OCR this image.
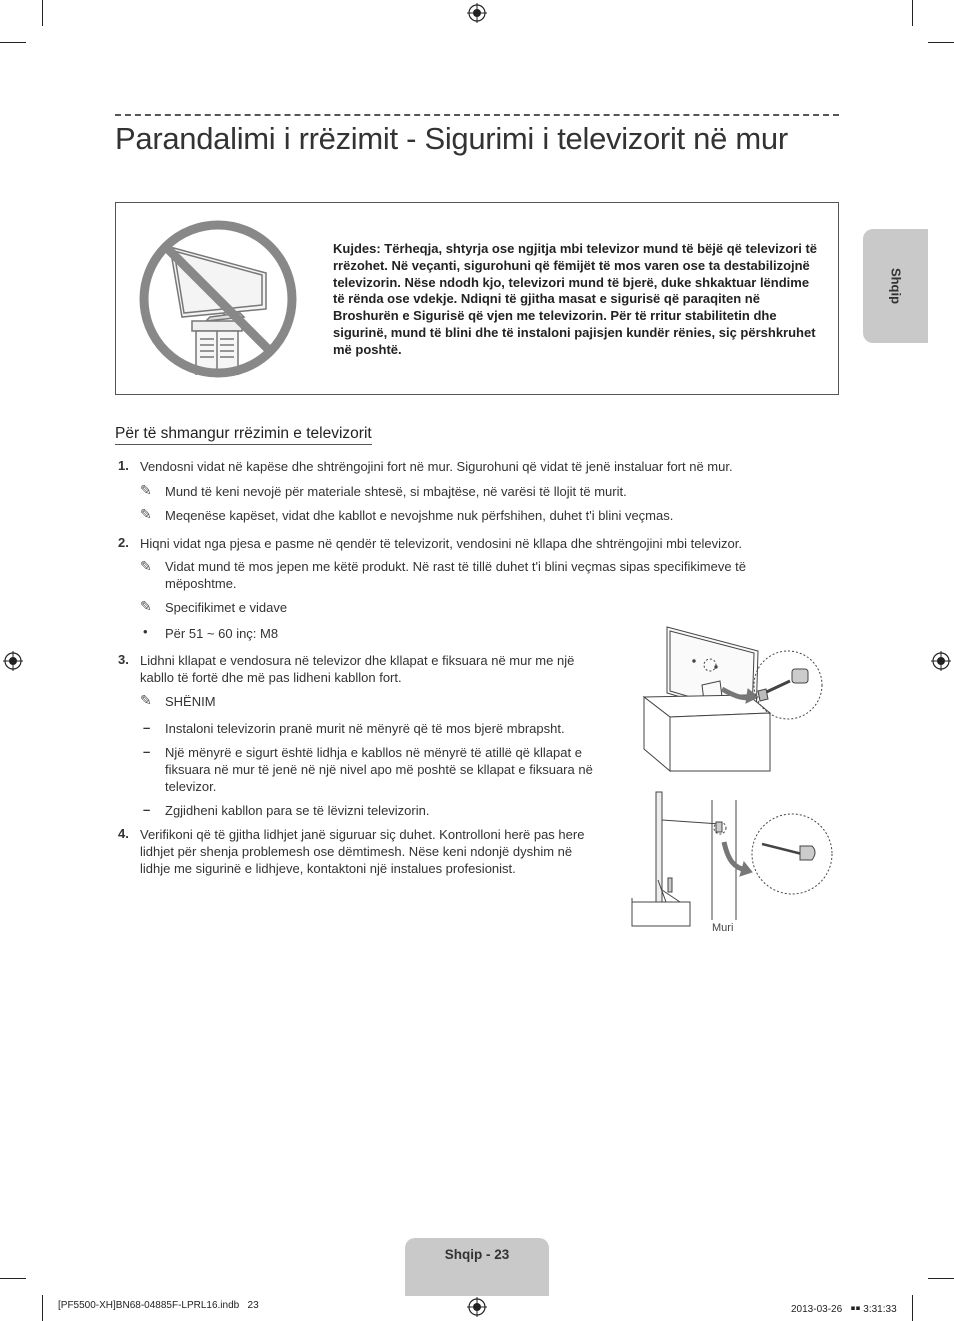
Parandalimi i rrëzimit - Sigurimi i televizorit në mur
Shqip
Kujdes: Tërheqja, shtyrja ose ngjitja mbi televizor mund të bëjë që televizori të rrëzohet. Në veçanti, sigurohuni që fëmijët të mos varen ose ta destabilizojnë televizorin. Nëse ndodh kjo, televizori mund të bjerë, duke shkaktuar lëndime të rënda ose vdekje. Ndiqni të gjitha masat e sigurisë që paraqiten në Broshurën e Sigurisë që vjen me televizorin. Për të rritur stabilitetin dhe sigurinë, mund të blini dhe të instaloni pajisjen kundër rënies, siç përshkruhet më poshtë.
Për të shmangur rrëzimin e televizorit
1. Vendosni vidat në kapëse dhe shtrëngojini fort në mur. Sigurohuni që vidat të jenë instaluar fort në mur.
✎ Mund të keni nevojë për materiale shtesë, si mbajtëse, në varësi të llojit të murit.
✎ Meqenëse kapëset, vidat dhe kabllot e nevojshme nuk përfshihen, duhet t'i blini veçmas.
2. Hiqni vidat nga pjesa e pasme në qendër të televizorit, vendosini në kllapa dhe shtrëngojini mbi televizor.
✎ Vidat mund të mos jepen me këtë produkt. Në rast të tillë duhet t'i blini veçmas sipas specifikimeve të mëposhtme.
✎ Specifikimet e vidave
• Për 51 ~ 60 inç: M8
3. Lidhni kllapat e vendosura në televizor dhe kllapat e fiksuara në mur me një kabllo të fortë dhe më pas lidheni kabllon fort.
✎ SHËNIM
– Instaloni televizorin pranë murit në mënyrë që të mos bjerë mbrapsht.
– Një mënyrë e sigurt është lidhja e kabllos në mënyrë të atillë që kllapat e fiksuara në mur të jenë në një nivel apo më poshtë se kllapat e fiksuara në televizor.
– Zgjidheni kabllon para se të lëvizni televizorin.
4. Verifikoni që të gjitha lidhjet janë siguruar siç duhet. Kontrolloni herë pas here lidhjet për shenja problemesh ose dëmtimesh. Nëse keni ndonjë dyshim në lidhje me sigurinë e lidhjeve, kontaktoni një instalues profesionist.
Muri
Shqip - 23
[PF5500-XH]BN68-04885F-LPRL16.indb   23	2013-03-26   ￭￭ 3:31:33
